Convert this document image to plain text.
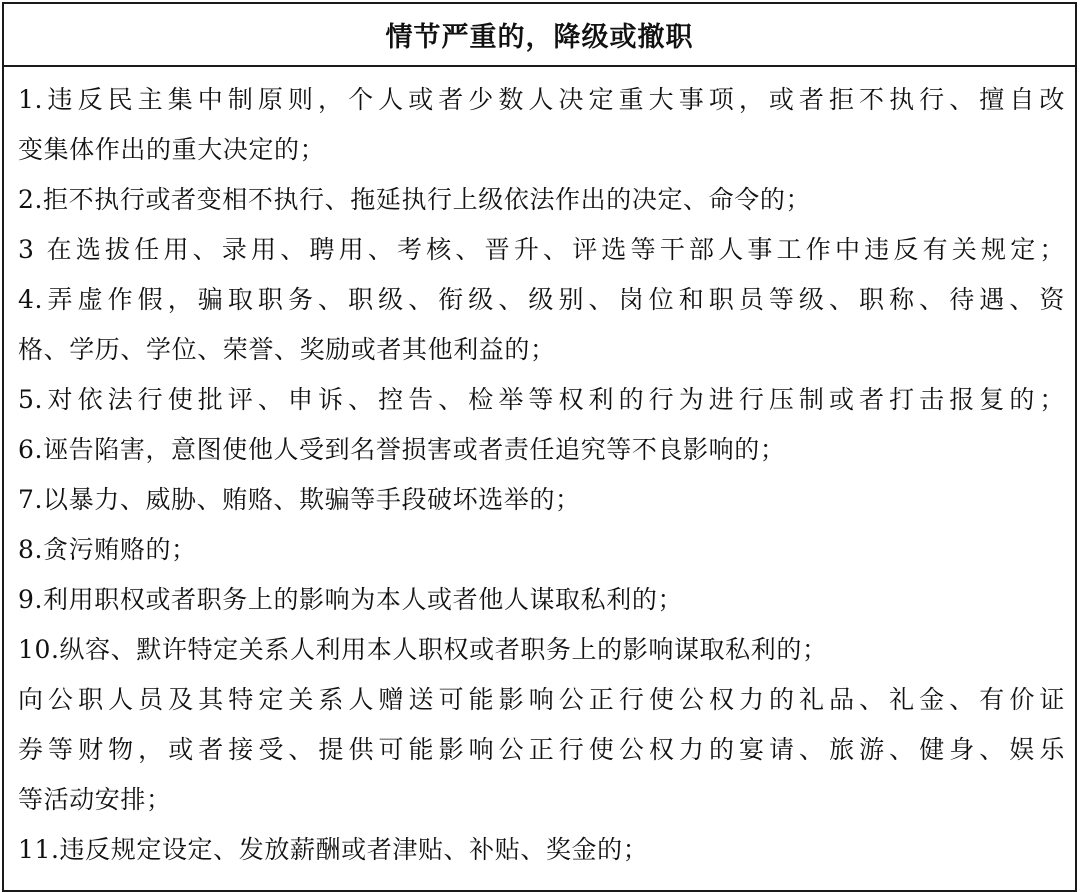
情节严重的，降级或撤职
1.违反民主集中制原则，个人或者少数人决定重大事项，或者拒不执行、擅自改
变集体作出的重大决定的；
2.拒不执行或者变相不执行、拖延执行上级依法作出的决定、命令的；
3 在选拔任用、录用、聘用、考核、晋升、评选等干部人事工作中违反有关规定；
4.弄虚作假，骗取职务、职级、衔级、级别、岗位和职员等级、职称、待遇、资
格、学历、学位、荣誉、奖励或者其他利益的；
5.对依法行使批评、申诉、控告、检举等权利的行为进行压制或者打击报复的；
6.诬告陷害，意图使他人受到名誉损害或者责任追究等不良影响的；
7.以暴力、威胁、贿赂、欺骗等手段破坏选举的；
8.贪污贿赂的；
9.利用职权或者职务上的影响为本人或者他人谋取私利的；
10.纵容、默许特定关系人利用本人职权或者职务上的影响谋取私利的；
向公职人员及其特定关系人赠送可能影响公正行使公权力的礼品、礼金、有价证
券等财物，或者接受、提供可能影响公正行使公权力的宴请、旅游、健身、娱乐
等活动安排；
11.违反规定设定、发放薪酬或者津贴、补贴、奖金的；
